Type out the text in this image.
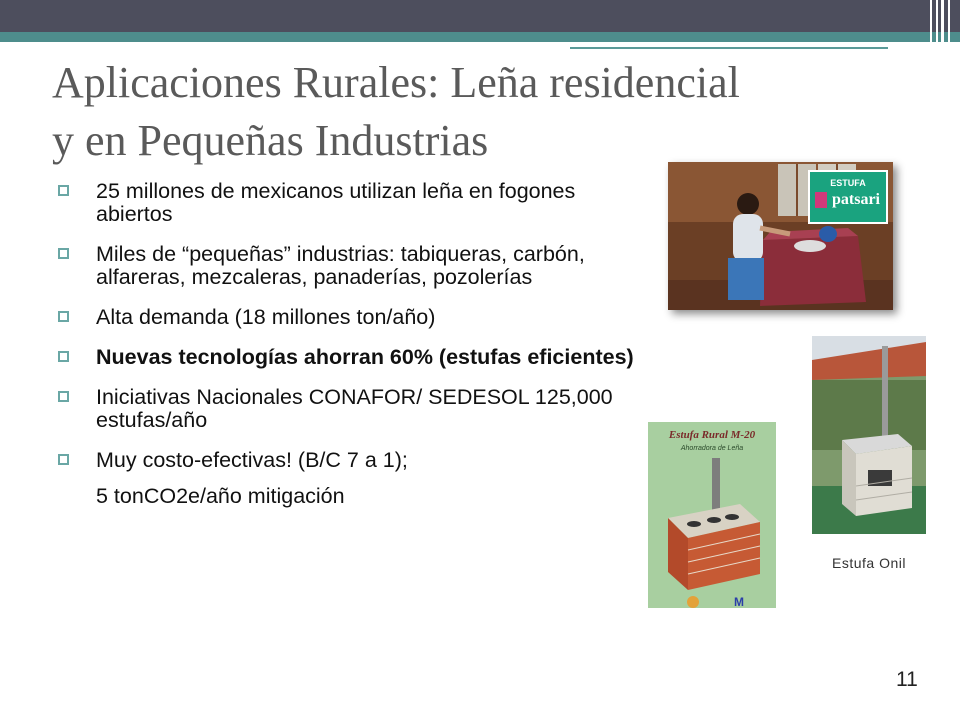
Aplicaciones Rurales: Leña residencial
y en Pequeñas Industrias
25 millones de mexicanos utilizan leña en fogones abiertos
Miles de “pequeñas” industrias: tabiqueras, carbón, alfareras, mezcaleras, panaderías, pozolerías
Alta demanda (18 millones ton/año)
Nuevas tecnologías ahorran 60% (estufas eficientes)
Iniciativas Nacionales CONAFOR/ SEDESOL 125,000 estufas/año
Muy costo-efectivas! (B/C 7 a 1);
5 tonCO2e/año mitigación
ESTUFA
patsari
Estufa Rural M-20
Ahorradora de Leña
M
Estufa Onil
11
